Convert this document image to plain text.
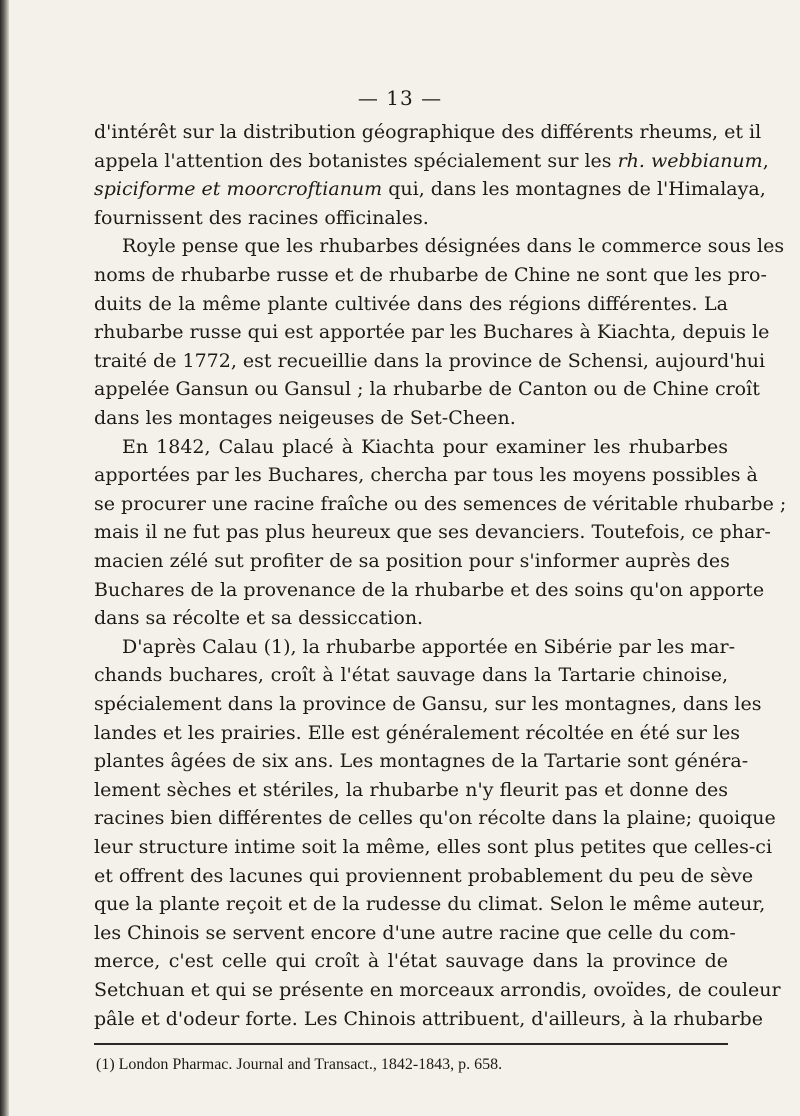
— 13 —
d'intérêt sur la distribution géographique des différents rheums, et il
appela l'attention des botanistes spécialement sur les rh. webbianum,
spiciforme et moorcroftianum qui, dans les montagnes de l'Himalaya,
fournissent des racines officinales.
Royle pense que les rhubarbes désignées dans le commerce sous les
noms de rhubarbe russe et de rhubarbe de Chine ne sont que les pro-
duits de la même plante cultivée dans des régions différentes. La
rhubarbe russe qui est apportée par les Buchares à Kiachta, depuis le
traité de 1772, est recueillie dans la province de Schensi, aujourd'hui
appelée Gansun ou Gansul ; la rhubarbe de Canton ou de Chine croît
dans les montages neigeuses de Set-Cheen.
En 1842, Calau placé à Kiachta pour examiner les rhubarbes
apportées par les Buchares, chercha par tous les moyens possibles à
se procurer une racine fraîche ou des semences de véritable rhubarbe ;
mais il ne fut pas plus heureux que ses devanciers. Toutefois, ce phar-
macien zélé sut profiter de sa position pour s'informer auprès des
Buchares de la provenance de la rhubarbe et des soins qu'on apporte
dans sa récolte et sa dessiccation.
D'après Calau (1), la rhubarbe apportée en Sibérie par les mar-
chands buchares, croît à l'état sauvage dans la Tartarie chinoise,
spécialement dans la province de Gansu, sur les montagnes, dans les
landes et les prairies. Elle est généralement récoltée en été sur les
plantes âgées de six ans. Les montagnes de la Tartarie sont généra-
lement sèches et stériles, la rhubarbe n'y fleurit pas et donne des
racines bien différentes de celles qu'on récolte dans la plaine; quoique
leur structure intime soit la même, elles sont plus petites que celles-ci
et offrent des lacunes qui proviennent probablement du peu de sève
que la plante reçoit et de la rudesse du climat. Selon le même auteur,
les Chinois se servent encore d'une autre racine que celle du com-
merce, c'est celle qui croît à l'état sauvage dans la province de
Setchuan et qui se présente en morceaux arrondis, ovoïdes, de couleur
pâle et d'odeur forte. Les Chinois attribuent, d'ailleurs, à la rhubarbe
(1) London Pharmac. Journal and Transact., 1842-1843, p. 658.
